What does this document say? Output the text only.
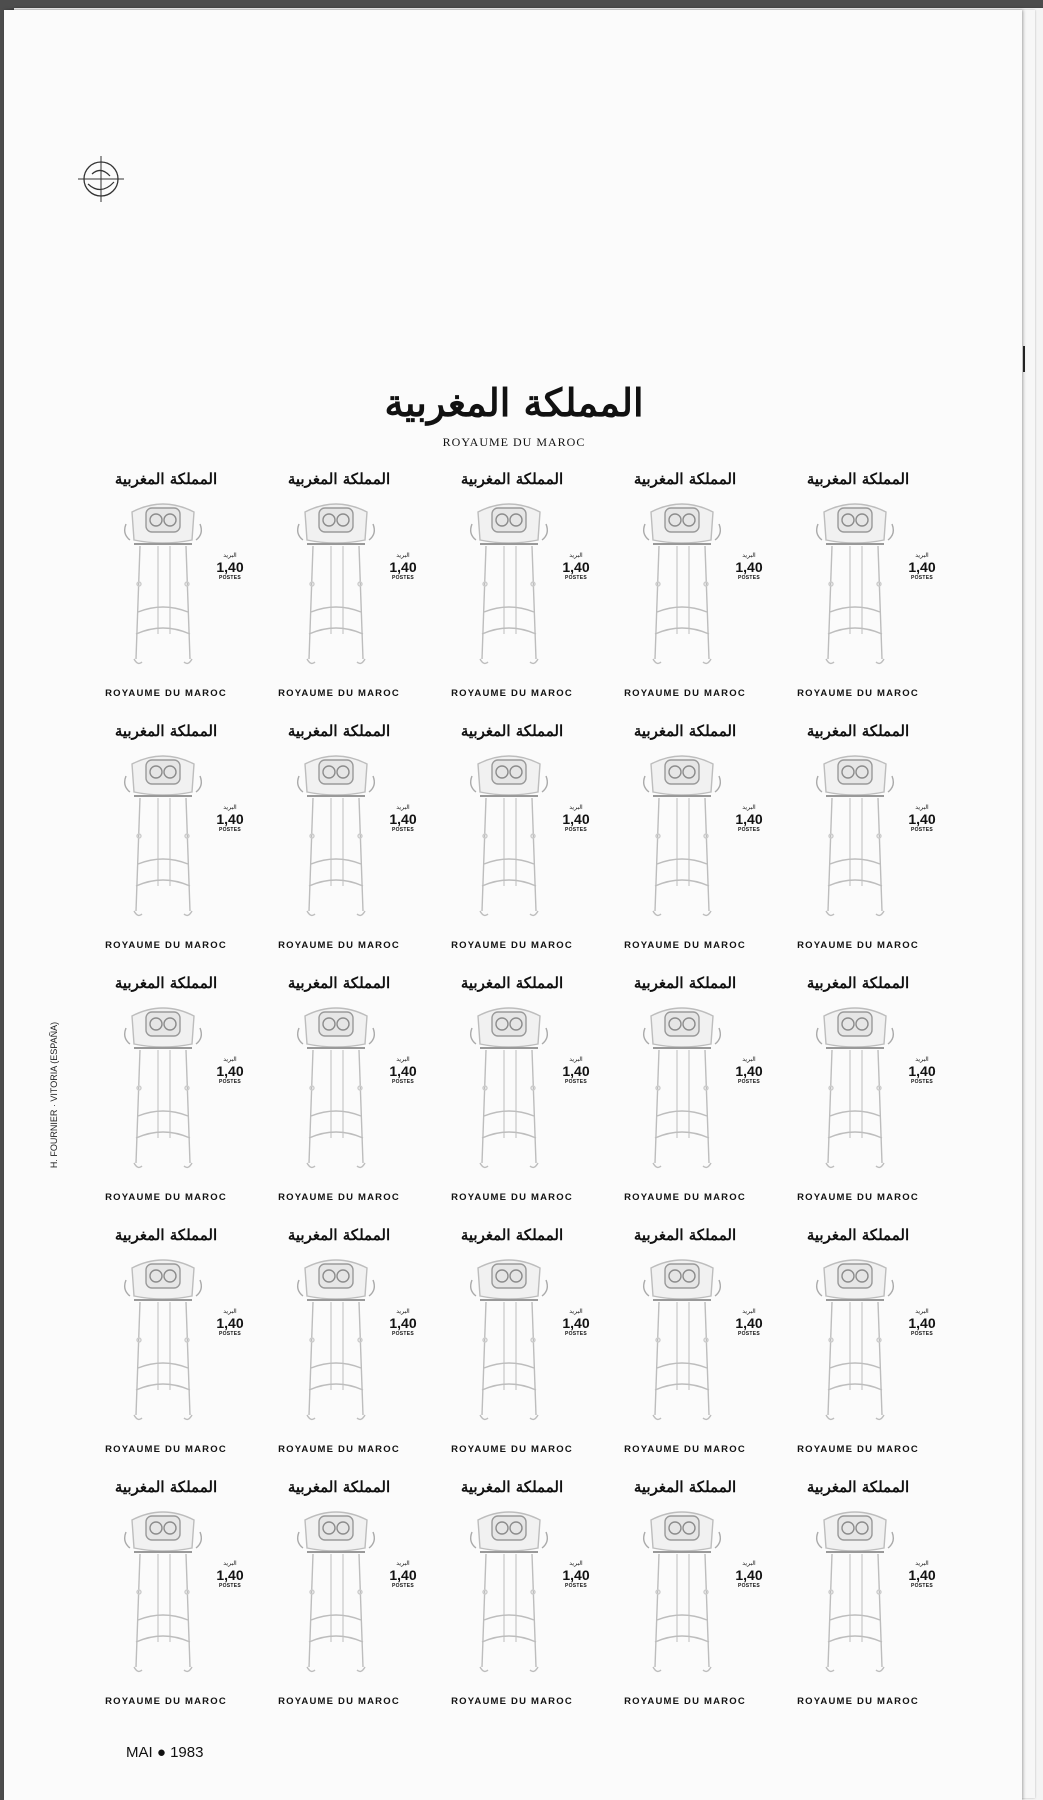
المملكة المغربية
ROYAUME DU MAROC
H. FOURNIER · VITORIA (ESPAÑA)
المملكة المغربية
البريد
1,40
POSTES
ROYAUME DU MAROC
المملكة المغربية
البريد
1,40
POSTES
ROYAUME DU MAROC
المملكة المغربية
البريد
1,40
POSTES
ROYAUME DU MAROC
المملكة المغربية
البريد
1,40
POSTES
ROYAUME DU MAROC
المملكة المغربية
البريد
1,40
POSTES
ROYAUME DU MAROC
المملكة المغربية
البريد
1,40
POSTES
ROYAUME DU MAROC
المملكة المغربية
البريد
1,40
POSTES
ROYAUME DU MAROC
المملكة المغربية
البريد
1,40
POSTES
ROYAUME DU MAROC
المملكة المغربية
البريد
1,40
POSTES
ROYAUME DU MAROC
المملكة المغربية
البريد
1,40
POSTES
ROYAUME DU MAROC
المملكة المغربية
البريد
1,40
POSTES
ROYAUME DU MAROC
المملكة المغربية
البريد
1,40
POSTES
ROYAUME DU MAROC
المملكة المغربية
البريد
1,40
POSTES
ROYAUME DU MAROC
المملكة المغربية
البريد
1,40
POSTES
ROYAUME DU MAROC
المملكة المغربية
البريد
1,40
POSTES
ROYAUME DU MAROC
المملكة المغربية
البريد
1,40
POSTES
ROYAUME DU MAROC
المملكة المغربية
البريد
1,40
POSTES
ROYAUME DU MAROC
المملكة المغربية
البريد
1,40
POSTES
ROYAUME DU MAROC
المملكة المغربية
البريد
1,40
POSTES
ROYAUME DU MAROC
المملكة المغربية
البريد
1,40
POSTES
ROYAUME DU MAROC
المملكة المغربية
البريد
1,40
POSTES
ROYAUME DU MAROC
المملكة المغربية
البريد
1,40
POSTES
ROYAUME DU MAROC
المملكة المغربية
البريد
1,40
POSTES
ROYAUME DU MAROC
المملكة المغربية
البريد
1,40
POSTES
ROYAUME DU MAROC
المملكة المغربية
البريد
1,40
POSTES
ROYAUME DU MAROC
MAI ● 1983
